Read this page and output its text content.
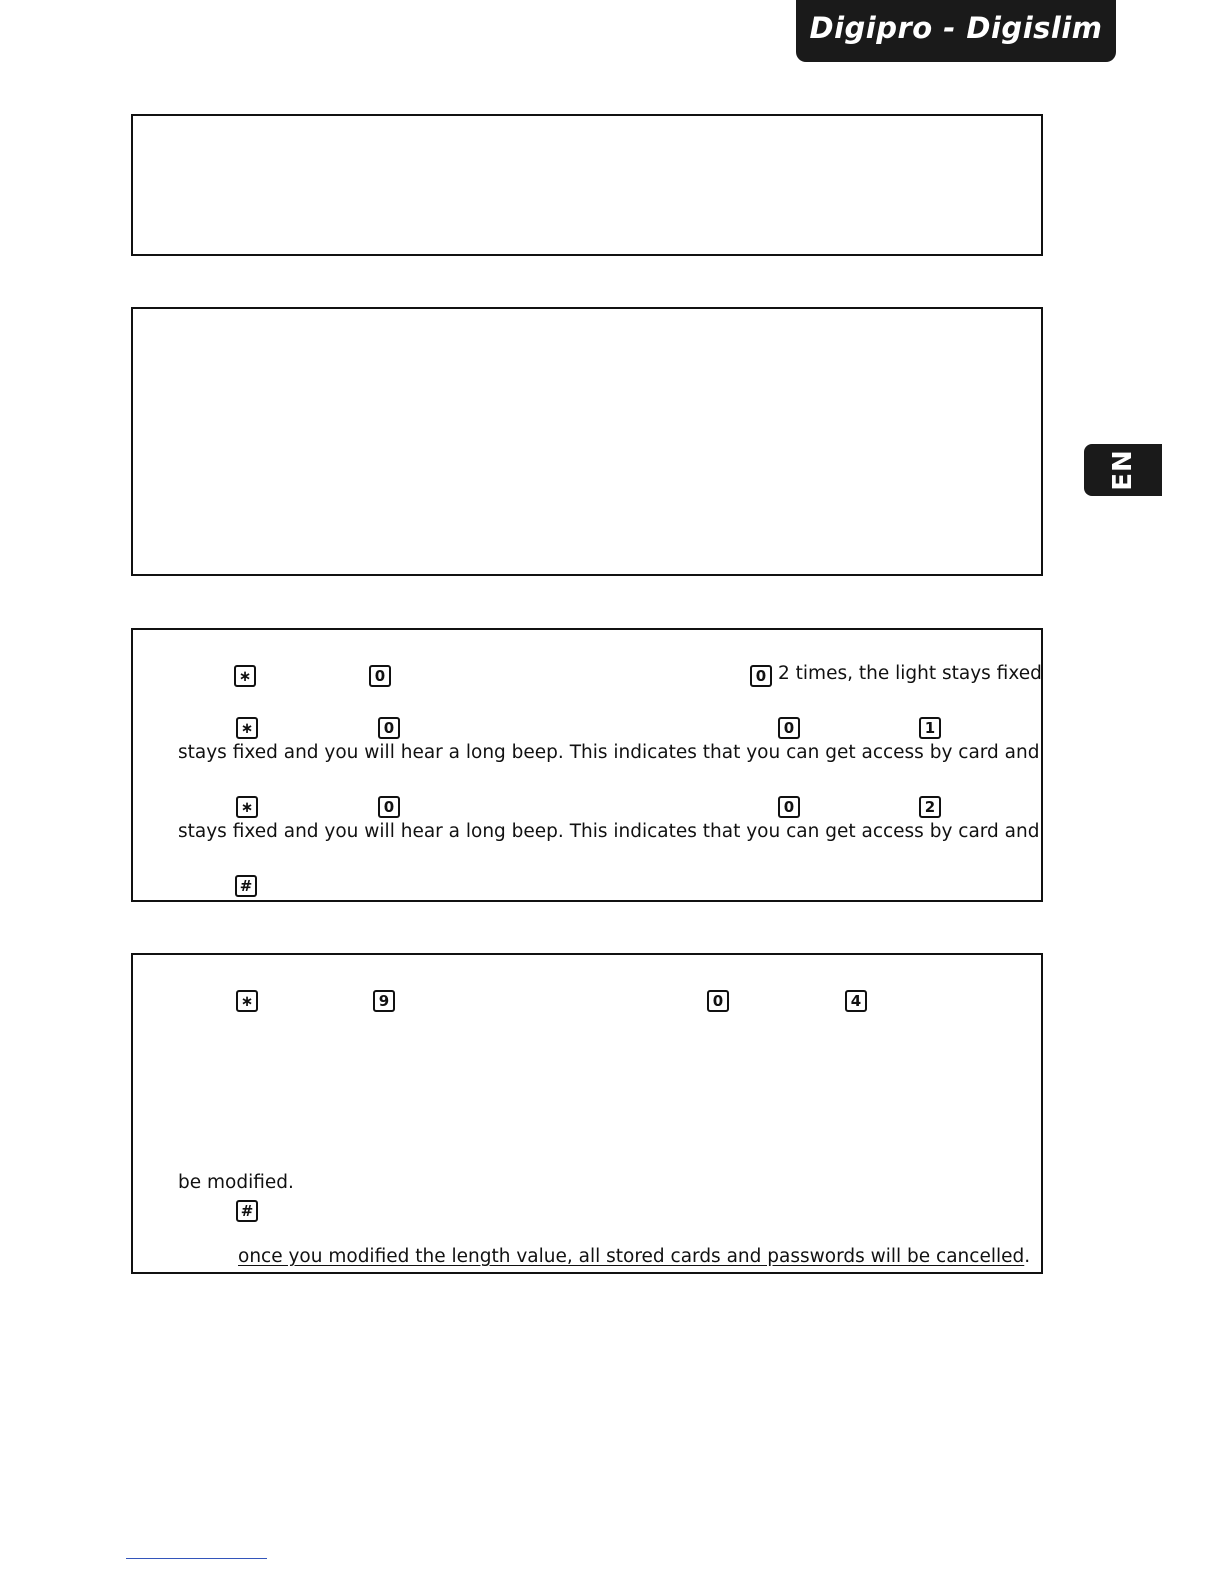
Digipro - Digislim
EN
∗	0	0 2 times, the light stays fixed
∗	0	0	1
stays fixed and you will hear a long beep. This indicates that you can get access by card and
∗	0	0	2
stays fixed and you will hear a long beep. This indicates that you can get access by card and
#
∗	9	0	4
be modified.
#
once you modified the length value, all stored cards and passwords will be cancelled.
